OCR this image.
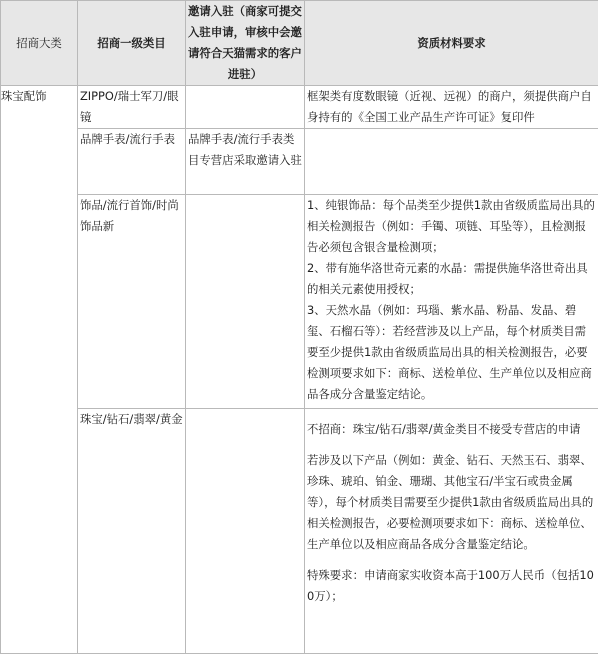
招商大类	招商一级类目	邀请入驻（商家可提交入驻申请，审核中会邀请符合天猫需求的客户进驻）	资质材料要求
珠宝配饰	ZIPPO/瑞士军刀/眼镜		框架类有度数眼镜（近视、远视）的商户，须提供商户自身持有的《全国工业产品生产许可证》复印件

	品牌手表/流行手表	品牌手表/流行手表类目专营店采取邀请入驻	
	饰品/流行首饰/时尚饰品新		1、纯银饰品：每个品类至少提供1款由省级质监局出具的相关检测报告（例如：手镯、项链、耳坠等），且检测报告必须包含银含量检测项；
2、带有施华洛世奇元素的水晶：需提供施华洛世奇出具的相关元素使用授权；
3、天然水晶（例如：玛瑙、紫水晶、粉晶、发晶、碧玺、石榴石等）：若经营涉及以上产品，每个材质类目需要至少提供1款由省级质监局出具的相关检测报告，必要检测项要求如下：商标、送检单位、生产单位以及相应商品各成分含量鉴定结论。

	珠宝/钻石/翡翠/黄金		不招商：珠宝/钻石/翡翠/黄金类目不接受专营店的申请
若涉及以下产品（例如：黄金、钻石、天然玉石、翡翠、珍珠、琥珀、铂金、珊瑚、其他宝石/半宝石或贵金属等），每个材质类目需要至少提供1款由省级质监局出具的相关检测报告，必要检测项要求如下：商标、送检单位、生产单位以及相应商品各成分含量鉴定结论。
特殊要求：申请商家实收资本高于100万人民币（包括100万）；
